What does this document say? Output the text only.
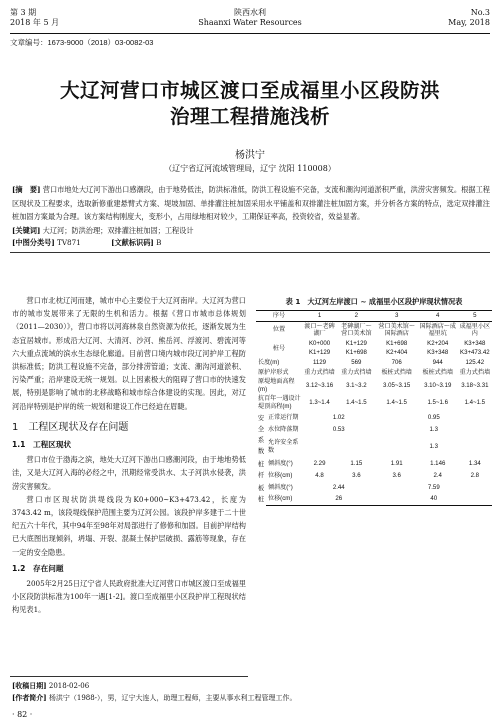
第 3 期
2018 年 5 月
陕西水利
Shaanxi Water Resources
No.3
May, 2018
文章编号：1673-9000（2018）03-0082-03
大辽河营口市城区渡口至成福里小区段防洪
治理工程措施浅析
杨洪宁
（辽宁省辽河流域管理局，辽宁 沈阳 110008）
[摘　要] 营口市地处大辽河下游出口感潮段，由于地势低洼，防洪标准低，防洪工程设施不完备，支流和潮沟河道淤积严重，洪涝灾害频发。根据工程区现状及工程要求，选取新修重建悬臂式方案、堤坡加固、单排灌注桩加固采用水平铺盖和双排灌注桩加固方案，并分析各方案的特点，选定双排灌注桩加固方案最为合理。该方案结构刚度大，变形小，占用绿地相对较少，工期保证率高，投资较省，效益显著。
[关键词] 大辽河；防洪治理；双排灌注桩加固；工程设计
[中图分类号] TV871	[文献标识码] B

营口市北枕辽河而建，城市中心主要位于大辽河南岸。大辽河为营口市的城市发展带来了无限的生机和活力。根据《营口市城市总体规划（2011—2030）》，营口市将以河海林泉自然资源为依托，逐渐发展为生态宜居城市。形成沿大辽河、大清河、沙河、熊岳河、浮渡河、碧流河等六大重点流域的滨水生态绿化廊道。目前营口境内城市段辽河护岸工程防洪标准低；防洪工程设施不完备，部分排涝管道；支流、潮沟河道淤积、污染严重；沿岸建设无统一规划。以上因素极大的阻碍了营口市的快速发展，特别是影响了城市的北移战略和城市综合体建设的实现。因此，对辽河沿岸特别是护岸的统一规划和建设工作已经迫在眉睫。

1　工程区现状及存在问题
1.1　工程区现状

营口市位于渤海之滨，地处大辽河下游出口感潮河段，由于地地势低洼，又是大辽河入海的必经之中，汛期经常受洪水、太子河洪水侵袭，洪涝灾害频发。

营口市区现状防洪堤线段为K0+000~K3+473.42，长度为3743.42 m，该段堤线保护范围主要为辽河公园。该段护岸多建于二十世纪五六十年代，其中94年至98年对局部进行了修修和加固。目前护岸结构已大底图出现倾斜，坍塌、开裂、混凝土保护层破损、露筋等现象，存在一定的安全隐患。

1.2　存在问题

2005年2月25日辽宁省人民政府批准大辽河营口市城区渡口至成福里小区段防洪标准为100年一遇[1-2]。渡口至成福里小区段护岸工程现状结构见表1。

表 1　大辽河左岸渡口 ~ 成福里小区段护岸现状情况表
序号		1	2	3	4	5
位置		渡口～老碑湖厂	老碑湖厂～营口美术馆	营口美术馆～国际酒店	国际酒店～成福里坑	成福里小区内
桩号		K0+000	K1+129	K1+698	K2+204	K3+348
		K1+129	K1+698	K2+404	K3+348	K3+473.42
长度(m)		1129	569	706	944	125.42
原护岸形式		重力式挡墙	重力式挡墙	板桩式挡墙	板桩式挡墙	重力式挡墙
原堤地面高程(m)		3.12~3.16	3.1~3.2	3.05~3.15	3.10~3.19	3.18~3.31
抗百年一遇设计堤顶高程(m)		1.3~1.4	1.4~1.5	1.4~1.5	1.5~1.6	1.4~1.5
安全系数	正常运行期	1.02		0.95		
	水位降落期	0.53		1.3		
	允许安全系数			1.3		
桩杆	倾斜度(°)	2.29	1.15	1.91	1.146	1.34
	位移(cm)	4.8	3.6	3.6	2.4	2.8
板桩	倾斜度(°)	2.44		7.59		
	位移(cm)	26		40		
[收稿日期] 2018-02-06
[作者简介] 杨洪宁（1988-），男，辽宁大连人，助理工程师，主要从事水利工程管理工作。
· 82 ·
